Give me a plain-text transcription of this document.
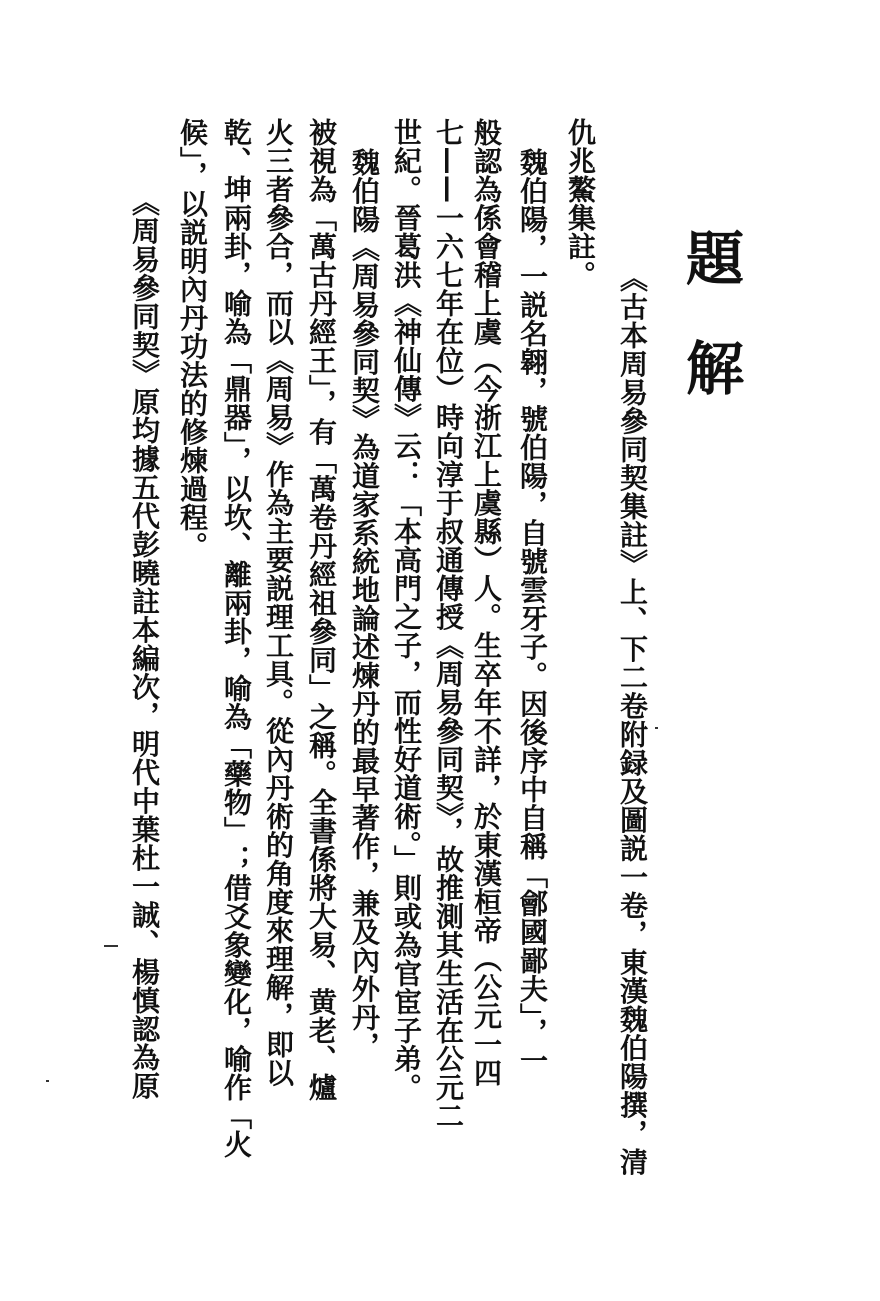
題解
《古本周易參同契集註》上、下二卷附録及圖説一卷，東漢魏伯陽撰，清
仇兆鰲集註。
魏伯陽，一説名翱，號伯陽，自號雲牙子。因後序中自稱「鄶國鄙夫」，一
般認為係會稽上虞（今浙江上虞縣）人。生卒年不詳，於東漢桓帝（公元一四
七——一六七年在位）時向淳于叔通傳授《周易參同契》，故推測其生活在公元二
世紀。晉葛洪《神仙傳》云：「本高門之子，而性好道術。」則或為官宦子弟。
魏伯陽《周易參同契》為道家系統地論述煉丹的最早著作，兼及內外丹，
被視為「萬古丹經王」，有「萬卷丹經祖參同」之稱。全書係將大易、黄老、爐
火三者參合，而以《周易》作為主要説理工具。從內丹術的角度來理解，即以
乾、坤兩卦，喻為「鼎器」，以坎、離兩卦，喻為「藥物」；借爻象變化，喻作「火
候」，以説明內丹功法的修煉過程。
《周易參同契》原均據五代彭曉註本編次，明代中葉杜一誠、楊慎認為原
